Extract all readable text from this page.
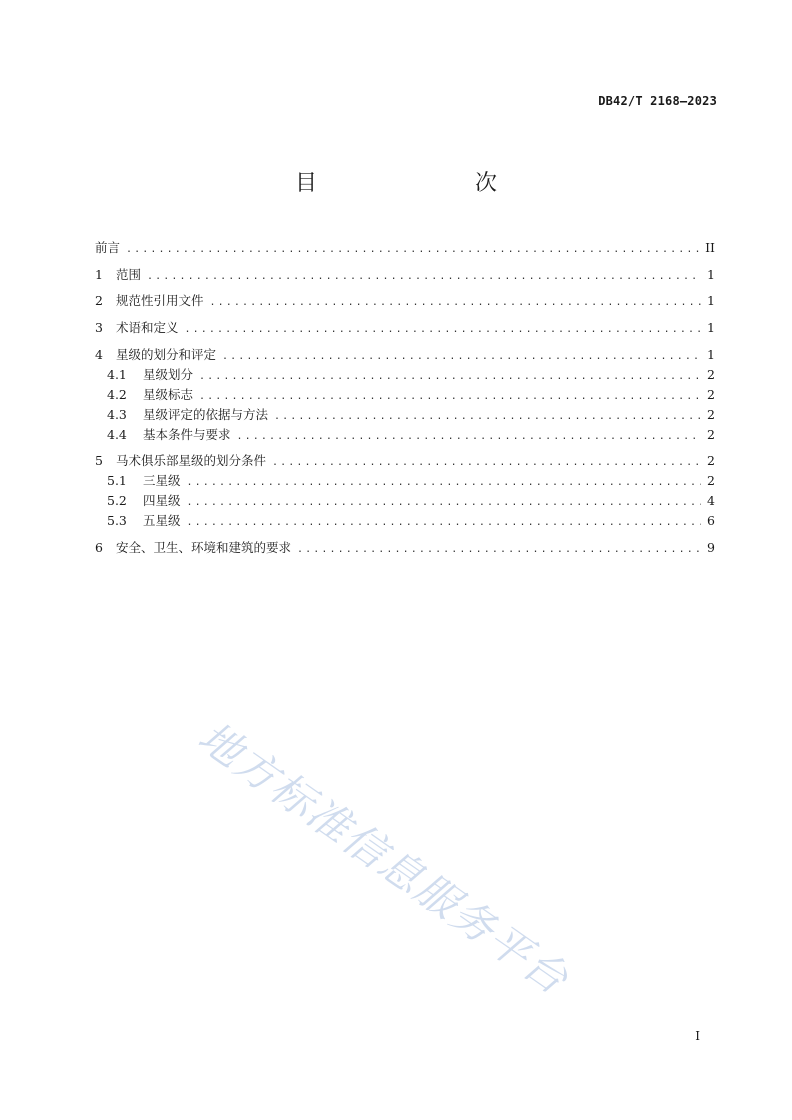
DB42/T 2168—2023
目　　次
前言 .....	II
1	范围 .....	1
2	规范性引用文件 .....	1
3	术语和定义 .....	1
4	星级的划分和评定 .....	1
4.1	星级划分 .....	2
4.2	星级标志 .....	2
4.3	星级评定的依据与方法 .....	2
4.4	基本条件与要求 .....	2
5	马术俱乐部星级的划分条件 .....	2
5.1	三星级 .....	2
5.2	四星级 .....	4
5.3	五星级 .....	6
6	安全、卫生、环境和建筑的要求 .....	9
地方标准信息服务平台
I
